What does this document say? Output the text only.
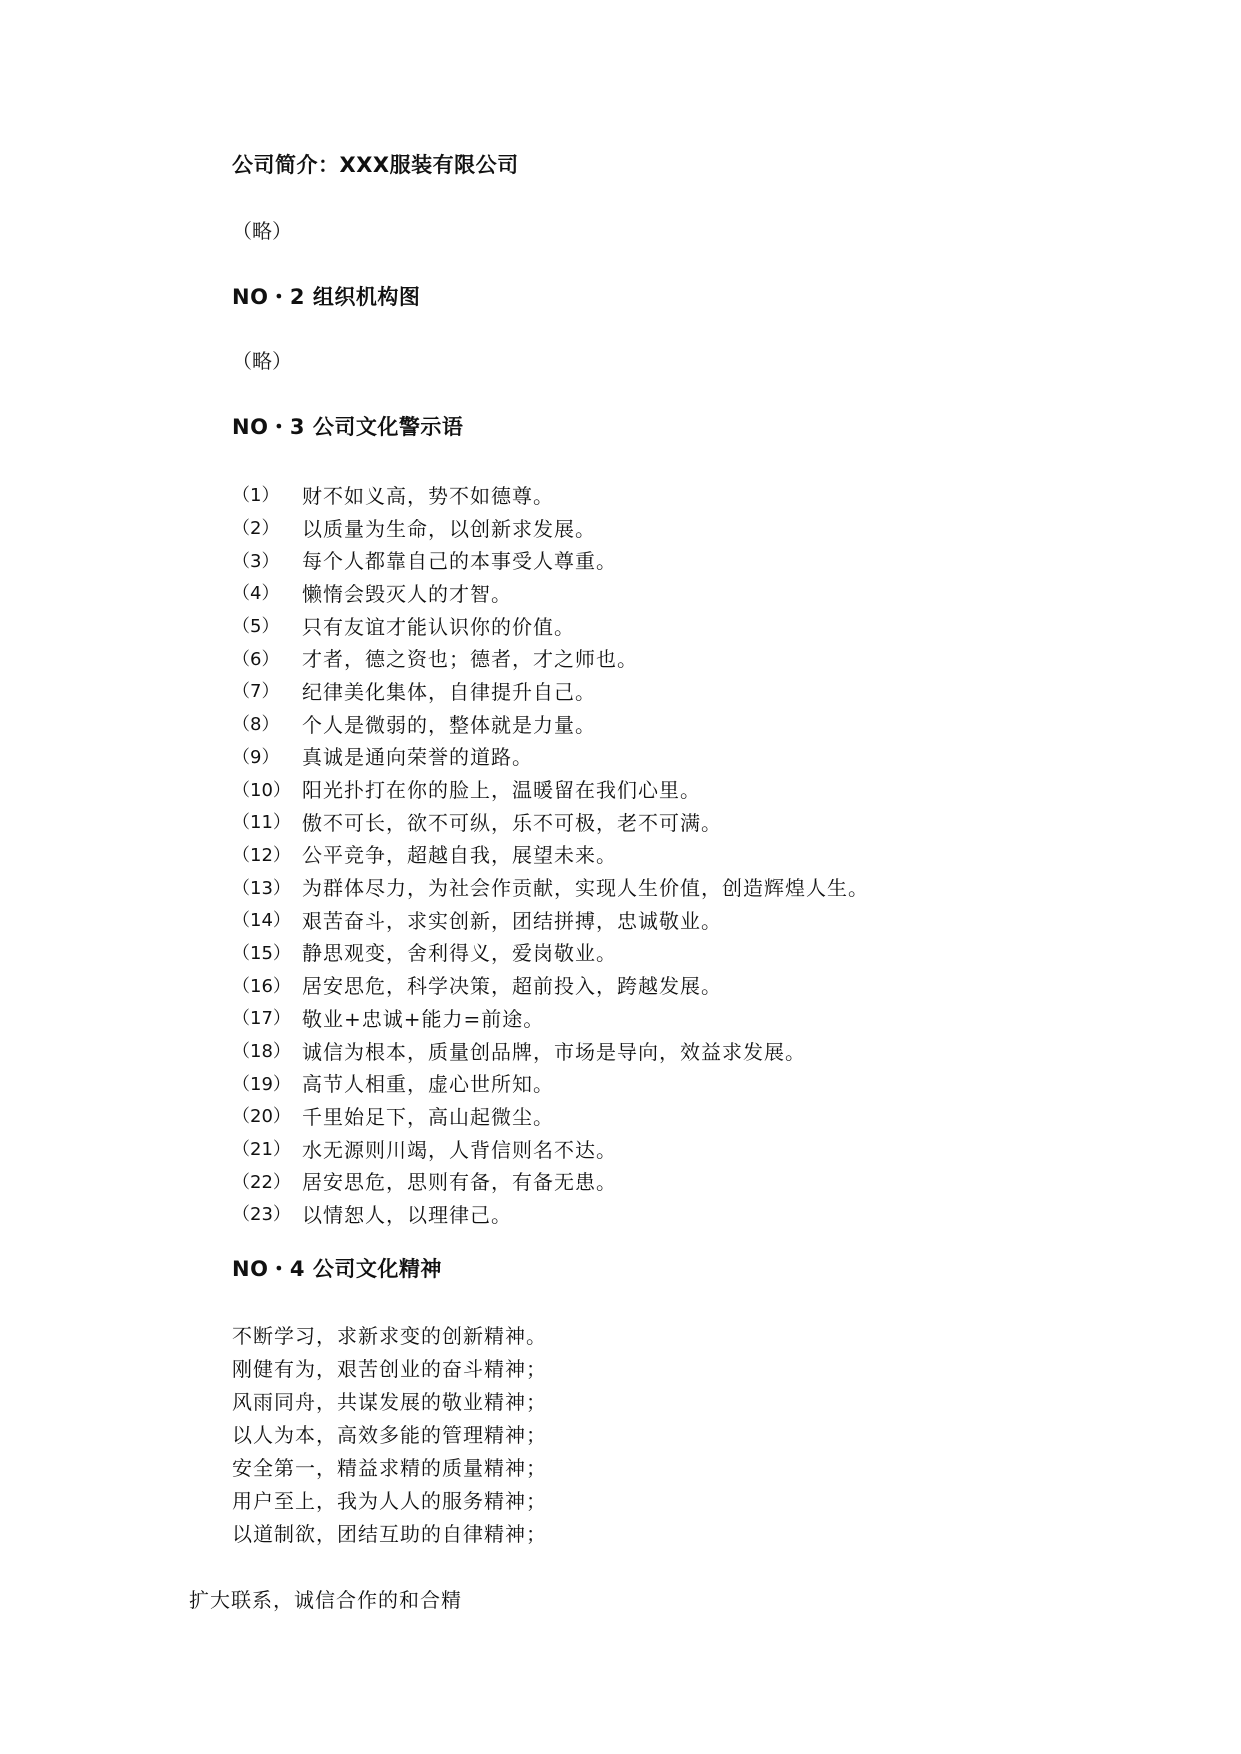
公司简介：XXX服装有限公司
（略）
NO・2 组织机构图
（略）
NO・3 公司文化警示语
（1）	财不如义高，势不如德尊。
（2）	以质量为生命，以创新求发展。
（3）	每个人都靠自己的本事受人尊重。
（4）	懒惰会毁灭人的才智。
（5）	只有友谊才能认识你的价值。
（6）	才者，德之资也；德者，才之师也。
（7）	纪律美化集体，自律提升自己。
（8）	个人是微弱的，整体就是力量。
（9）	真诚是通向荣誉的道路。
（10） 阳光扑打在你的脸上，温暖留在我们心里。
（11） 傲不可长，欲不可纵，乐不可极，老不可满。
（12） 公平竞争，超越自我，展望未来。
（13） 为群体尽力，为社会作贡献，实现人生价值，创造辉煌人生。
（14） 艰苦奋斗，求实创新，团结拼搏，忠诚敬业。
（15） 静思观变，舍利得义，爱岗敬业。
（16） 居安思危，科学决策，超前投入，跨越发展。
（17） 敬业+忠诚+能力=前途。
（18） 诚信为根本，质量创品牌，市场是导向，效益求发展。
（19） 高节人相重，虚心世所知。
（20） 千里始足下，高山起微尘。
（21） 水无源则川竭，人背信则名不达。
（22） 居安思危，思则有备，有备无患。
（23） 以情恕人，以理律己。
NO・4 公司文化精神
不断学习，求新求变的创新精神。
刚健有为，艰苦创业的奋斗精神；
风雨同舟，共谋发展的敬业精神；
以人为本，高效多能的管理精神；
安全第一，精益求精的质量精神；
用户至上，我为人人的服务精神；
以道制欲，团结互助的自律精神；
扩大联系，诚信合作的和合精
